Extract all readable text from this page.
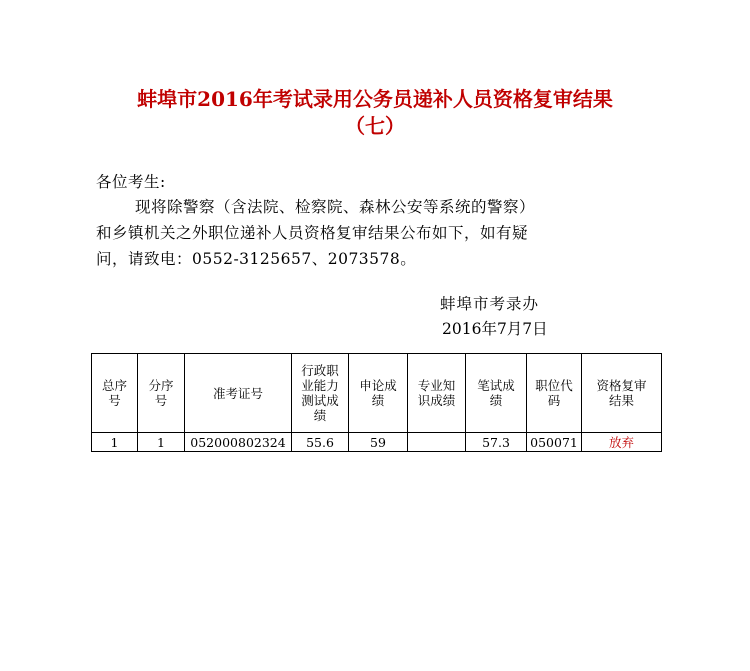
蚌埠市2016年考试录用公务员递补人员资格复审结果
（七）
各位考生:
现将除警察（含法院、检察院、森林公安等系统的警察）
和乡镇机关之外职位递补人员资格复审结果公布如下，如有疑
问，请致电：0552-3125657、2073578。
蚌埠市考录办
2016年7月7日
总序
号	分序
号	准考证号	行政职
业能力
测试成
绩	申论成
绩	专业知
识成绩	笔试成
绩	职位代
码	资格复审
结果
1	1	052000802324	55.6	59		57.3	050071	放弃
